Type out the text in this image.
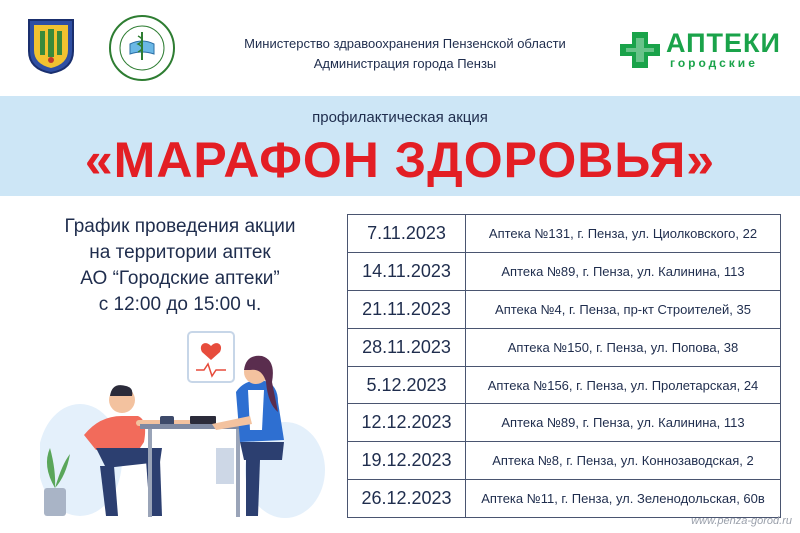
Министерство здравоохранения Пензенской области
Администрация города Пензы
АПТЕКИ
городские
профилактическая акция
«МАРАФОН ЗДОРОВЬЯ»
График проведения акции
на территории аптек
АО “Городские аптеки”
с 12:00 до 15:00 ч.
7.11.2023	Аптека №131, г. Пенза, ул. Циолковского, 22
14.11.2023	Аптека №89, г. Пенза, ул. Калинина, 113
21.11.2023	Аптека №4, г. Пенза, пр-кт Строителей, 35
28.11.2023	Аптека №150, г. Пенза, ул. Попова, 38
5.12.2023	Аптека №156, г. Пенза, ул. Пролетарская, 24
12.12.2023	Аптека №89, г. Пенза, ул. Калинина, 113
19.12.2023	Аптека №8, г. Пенза, ул. Коннозаводская, 2
26.12.2023	Аптека №11, г. Пенза, ул. Зеленодольская, 60в
www.penza-gorod.ru
